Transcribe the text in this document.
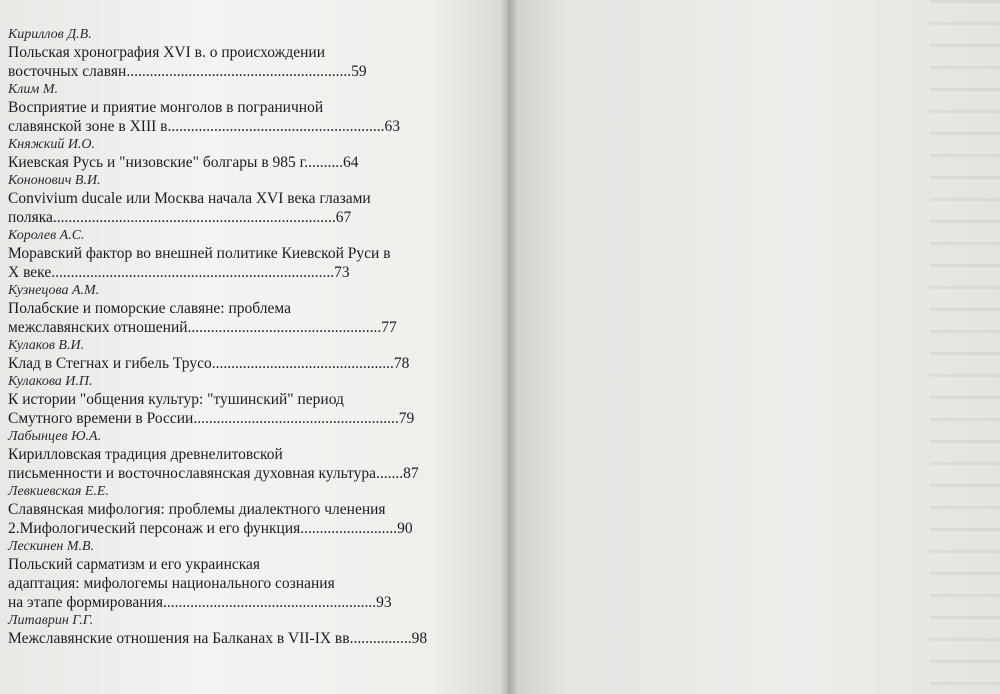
Кириллов Д.В.
Польская хронография XVI в. о происхождении
восточных славян..........................................................59
Клим М.
Восприятие и приятие монголов в пограничной
славянской зоне в XIII в........................................................63
Княжкий И.О.
Киевская Русь и "низовские" болгары в 985 г..........64
Кононович В.И.
Convivium ducale или Москва начала XVI века глазами
поляка.........................................................................67
Королев А.С.
Моравский фактор во внешней политике Киевской Руси в
X веке.........................................................................73
Кузнецова А.М.
Полабские и поморские славяне: проблема
межславянских отношений..................................................77
Кулаков В.И.
Клад в Стегнах и гибель Трусо...............................................78
Кулакова И.П.
К истории "общения культур: "тушинский" период
Смутного времени в России.....................................................79
Лабынцев Ю.А.
Кирилловская традиция древнелитовской
письменности и восточнославянская духовная культура.......87
Левкиевская Е.Е.
Славянская мифология: проблемы диалектного членения
2.Мифологический персонаж и его функция.........................90
Лескинен М.В.
Польский сарматизм и его украинская
адаптация: мифологемы национального сознания
на этапе формирования.......................................................93
Литаврин Г.Г.
Межславянские отношения на Балканах в VII-IX вв................98
